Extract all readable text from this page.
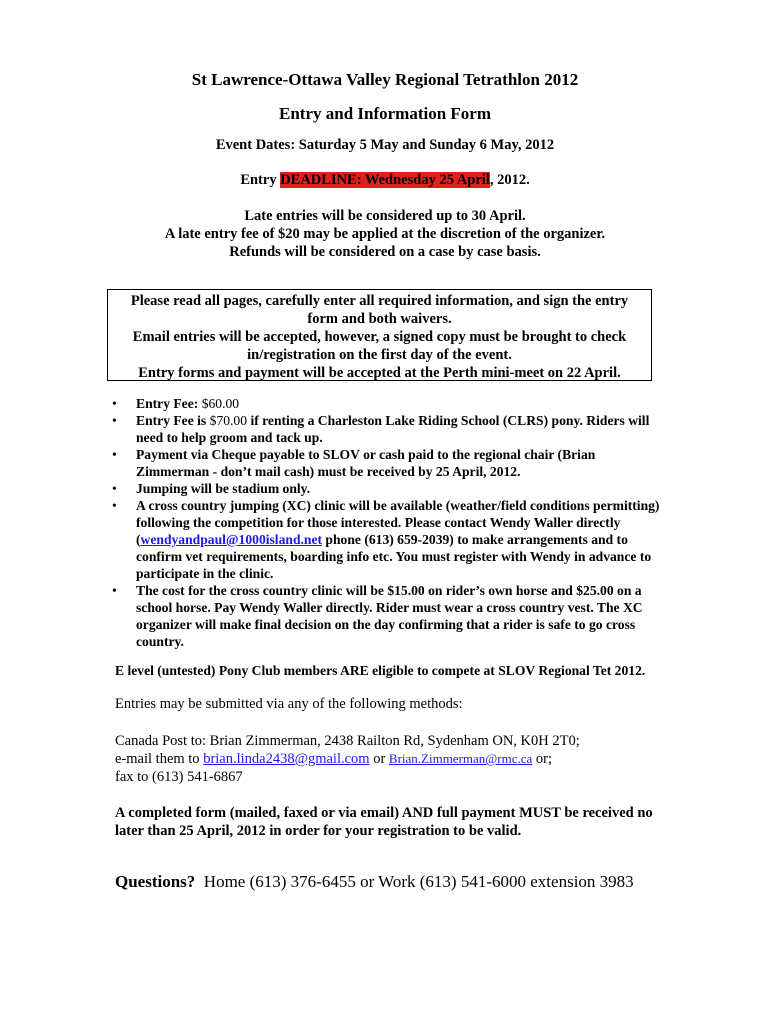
St Lawrence-Ottawa Valley Regional Tetrathlon 2012
Entry and Information Form
Event Dates: Saturday 5 May and Sunday 6 May, 2012
Entry DEADLINE: Wednesday 25 April, 2012.
Late entries will be considered up to 30 April.
A late entry fee of $20 may be applied at the discretion of the organizer.
Refunds will be considered on a case by case basis.
Please read all pages, carefully enter all required information, and sign the entry form and both waivers.
Email entries will be accepted, however, a signed copy must be brought to check in/registration on the first day of the event.
Entry forms and payment will be accepted at the Perth mini-meet on 22 April.
• Entry Fee: $60.00
• Entry Fee is $70.00 if renting a Charleston Lake Riding School (CLRS) pony. Riders will need to help groom and tack up.
• Payment via Cheque payable to SLOV or cash paid to the regional chair (Brian Zimmerman - don’t mail cash) must be received by 25 April, 2012.
• Jumping will be stadium only.
• A cross country jumping (XC) clinic will be available (weather/field conditions permitting) following the competition for those interested. Please contact Wendy Waller directly (wendyandpaul@1000island.net phone (613) 659-2039) to make arrangements and to confirm vet requirements, boarding info etc. You must register with Wendy in advance to participate in the clinic.
• The cost for the cross country clinic will be $15.00 on rider’s own horse and $25.00 on a school horse. Pay Wendy Waller directly. Rider must wear a cross country vest. The XC organizer will make final decision on the day confirming that a rider is safe to go cross country.
E level (untested) Pony Club members ARE eligible to compete at SLOV Regional Tet 2012.
Entries may be submitted via any of the following methods:
Canada Post to: Brian Zimmerman, 2438 Railton Rd, Sydenham ON, K0H 2T0;
e-mail them to brian.linda2438@gmail.com or Brian.Zimmerman@rmc.ca or;
fax to (613) 541-6867
A completed form (mailed, faxed or via email) AND full payment MUST be received no later than 25 April, 2012 in order for your registration to be valid.
Questions?  Home (613) 376-6455 or Work (613) 541-6000 extension 3983
